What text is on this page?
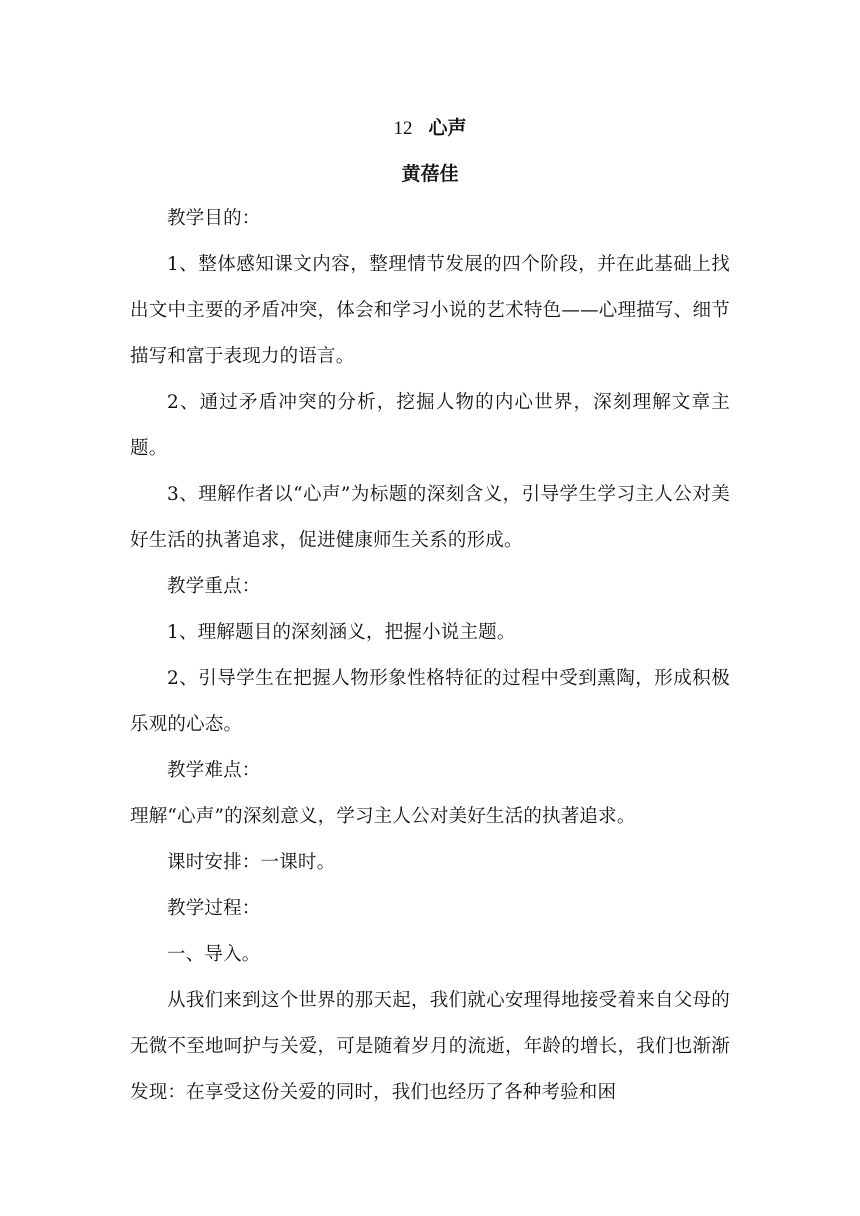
12 心声
黄蓓佳

教学目的：

1、整体感知课文内容，整理情节发展的四个阶段，并在此基础上找出文中主要的矛盾冲突，体会和学习小说的艺术特色——心理描写、细节描写和富于表现力的语言。

2、通过矛盾冲突的分析，挖掘人物的内心世界，深刻理解文章主题。

3、理解作者以“心声”为标题的深刻含义，引导学生学习主人公对美好生活的执著追求，促进健康师生关系的形成。

教学重点：

1、理解题目的深刻涵义，把握小说主题。

2、引导学生在把握人物形象性格特征的过程中受到熏陶，形成积极乐观的心态。

教学难点：

理解“心声”的深刻意义，学习主人公对美好生活的执著追求。

课时安排：一课时。

教学过程：

一、导入。

从我们来到这个世界的那天起，我们就心安理得地接受着来自父母的无微不至地呵护与关爱，可是随着岁月的流逝，年龄的增长，我们也渐渐发现：在享受这份关爱的同时，我们也经历了各种考验和困
